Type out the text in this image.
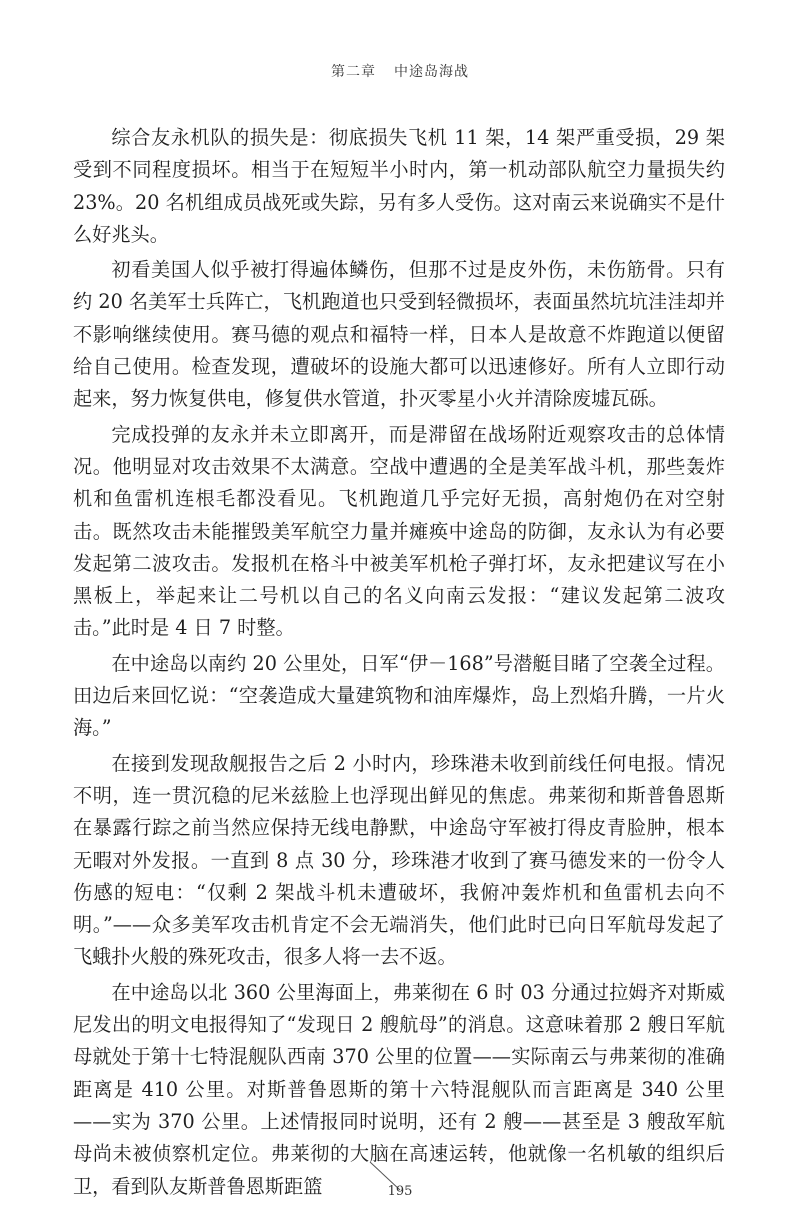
第二章 中途岛海战

综合友永机队的损失是：彻底损失飞机 11 架，14 架严重受损，29 架受到不同程度损坏。相当于在短短半小时内，第一机动部队航空力量损失约 23%。20 名机组成员战死或失踪，另有多人受伤。这对南云来说确实不是什么好兆头。

初看美国人似乎被打得遍体鳞伤，但那不过是皮外伤，未伤筋骨。只有约 20 名美军士兵阵亡，飞机跑道也只受到轻微损坏，表面虽然坑坑洼洼却并不影响继续使用。赛马德的观点和福特一样，日本人是故意不炸跑道以便留给自己使用。检查发现，遭破坏的设施大都可以迅速修好。所有人立即行动起来，努力恢复供电，修复供水管道，扑灭零星小火并清除废墟瓦砾。

完成投弹的友永并未立即离开，而是滞留在战场附近观察攻击的总体情况。他明显对攻击效果不太满意。空战中遭遇的全是美军战斗机，那些轰炸机和鱼雷机连根毛都没看见。飞机跑道几乎完好无损，高射炮仍在对空射击。既然攻击未能摧毁美军航空力量并瘫痪中途岛的防御，友永认为有必要发起第二波攻击。发报机在格斗中被美军机枪子弹打坏，友永把建议写在小黑板上，举起来让二号机以自己的名义向南云发报：“建议发起第二波攻击。”此时是 4 日 7 时整。

在中途岛以南约 20 公里处，日军“伊－168”号潜艇目睹了空袭全过程。田边后来回忆说：“空袭造成大量建筑物和油库爆炸，岛上烈焰升腾，一片火海。”

在接到发现敌舰报告之后 2 小时内，珍珠港未收到前线任何电报。情况不明，连一贯沉稳的尼米兹脸上也浮现出鲜见的焦虑。弗莱彻和斯普鲁恩斯在暴露行踪之前当然应保持无线电静默，中途岛守军被打得皮青脸肿，根本无暇对外发报。一直到 8 点 30 分，珍珠港才收到了赛马德发来的一份令人伤感的短电：“仅剩 2 架战斗机未遭破坏，我俯冲轰炸机和鱼雷机去向不明。”——众多美军攻击机肯定不会无端消失，他们此时已向日军航母发起了飞蛾扑火般的殊死攻击，很多人将一去不返。

在中途岛以北 360 公里海面上，弗莱彻在 6 时 03 分通过拉姆齐对斯威尼发出的明文电报得知了“发现日 2 艘航母”的消息。这意味着那 2 艘日军航母就处于第十七特混舰队西南 370 公里的位置——实际南云与弗莱彻的准确距离是 410 公里。对斯普鲁恩斯的第十六特混舰队而言距离是 340 公里——实为 370 公里。上述情报同时说明，还有 2 艘——甚至是 3 艘敌军航母尚未被侦察机定位。弗莱彻的大脑在高速运转，他就像一名机敏的组织后卫，看到队友斯普鲁恩斯距篮	195
